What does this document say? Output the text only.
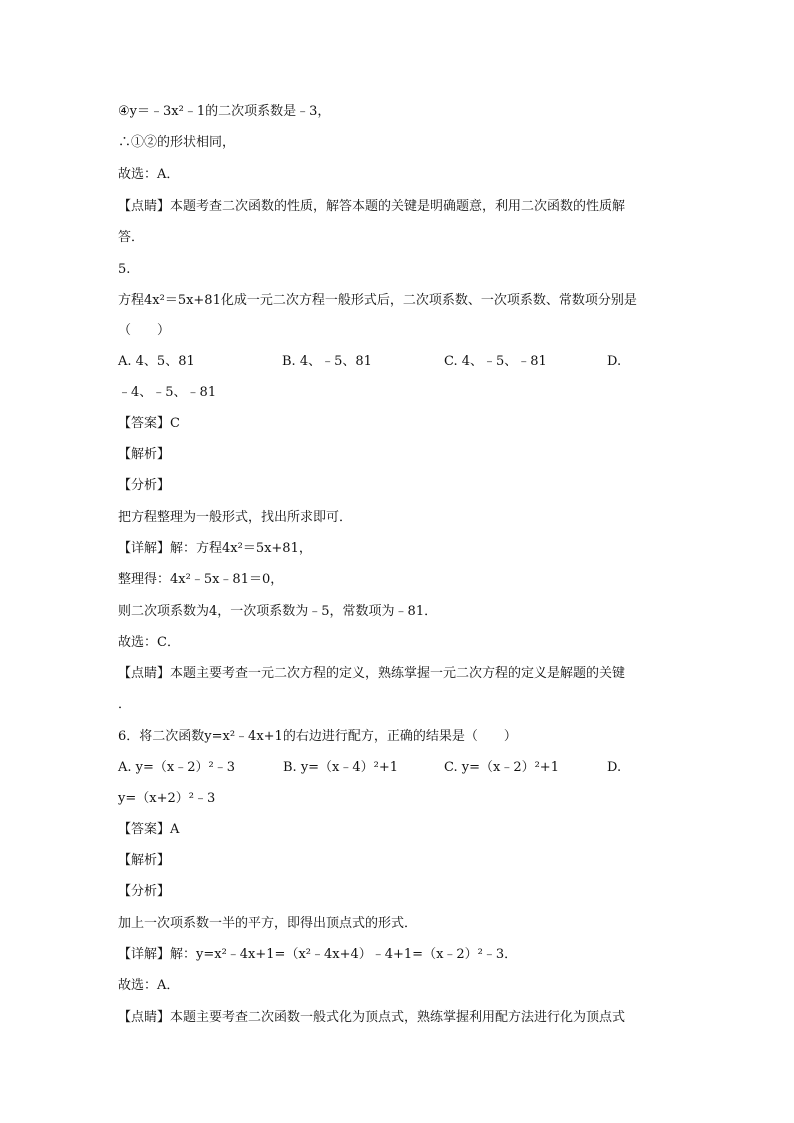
④y＝﹣3x²﹣1的二次项系数是﹣3，
∴①②的形状相同，
故选：A．
【点睛】本题考查二次函数的性质，解答本题的关键是明确题意，利用二次函数的性质解
答．
5.
方程4x²＝5x+81化成一元二次方程一般形式后，二次项系数、一次项系数、常数项分别是
（　　）
A. 4、5、81	B. 4、﹣5、81	C. 4、﹣5、﹣81	D.
﹣4、﹣5、﹣81
【答案】C
【解析】
【分析】
把方程整理为一般形式，找出所求即可．
【详解】解：方程4x²＝5x+81，
整理得：4x²﹣5x﹣81＝0，
则二次项系数为4，一次项系数为﹣5，常数项为﹣81．
故选：C．
【点睛】本题主要考查一元二次方程的定义，熟练掌握一元二次方程的定义是解题的关键
．
6．将二次函数y=x²﹣4x+1的右边进行配方，正确的结果是（　　）
A. y=（x﹣2）²﹣3	B. y=（x﹣4）²+1	C. y=（x﹣2）²+1	D.
y=（x+2）²﹣3
【答案】A
【解析】
【分析】
加上一次项系数一半的平方，即得出顶点式的形式．
【详解】解：y=x²﹣4x+1=（x²﹣4x+4）﹣4+1=（x﹣2）²﹣3．
故选：A．
【点睛】本题主要考查二次函数一般式化为顶点式，熟练掌握利用配方法进行化为顶点式
